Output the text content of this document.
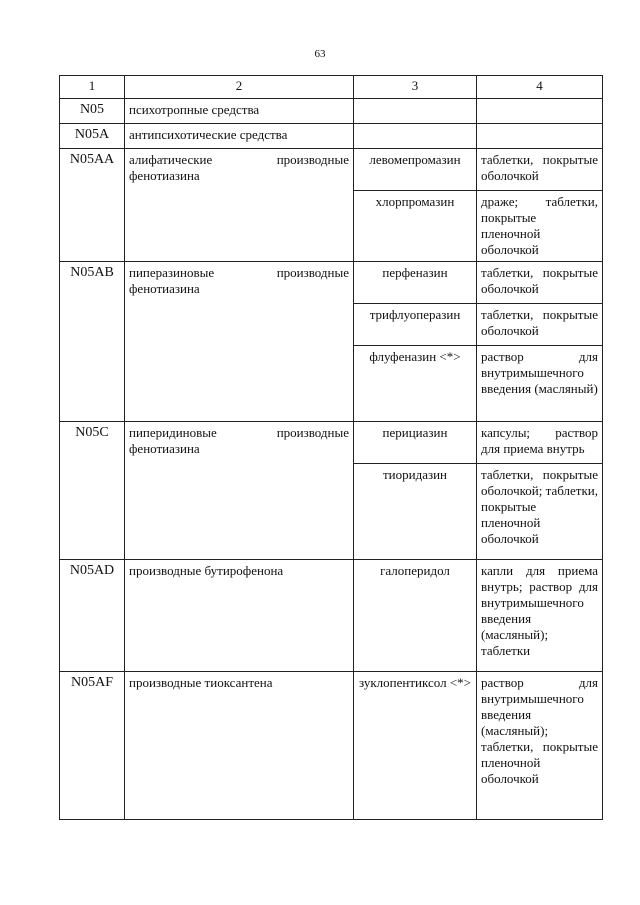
63
1	2	3	4
N05	психотропные средства		
N05A	антипсихотические средства		
N05AA	алифатические производные фенотиазина	левомепромазин	таблетки, покрытые оболочкой
		хлорпромазин	драже; таблетки, покрытые пленочной оболочкой
N05AB	пиперазиновые производные фенотиазина	перфеназин	таблетки, покрытые оболочкой
		трифлуоперазин	таблетки, покрытые оболочкой
		флуфеназин <*>	раствор для внутримышечного введения (масляный)
N05C	пиперидиновые производные фенотиазина	перициазин	капсулы; раствор для приема внутрь
		тиоридазин	таблетки, покрытые оболочкой; таблетки, покрытые пленочной оболочкой
N05AD	производные бутирофенона	галоперидол	капли для приема внутрь; раствор для внутримышечного введения (масляный); таблетки
N05AF	производные тиоксантена	зуклопентиксол <*>	раствор для внутримышечного введения (масляный); таблетки, покрытые пленочной оболочкой
